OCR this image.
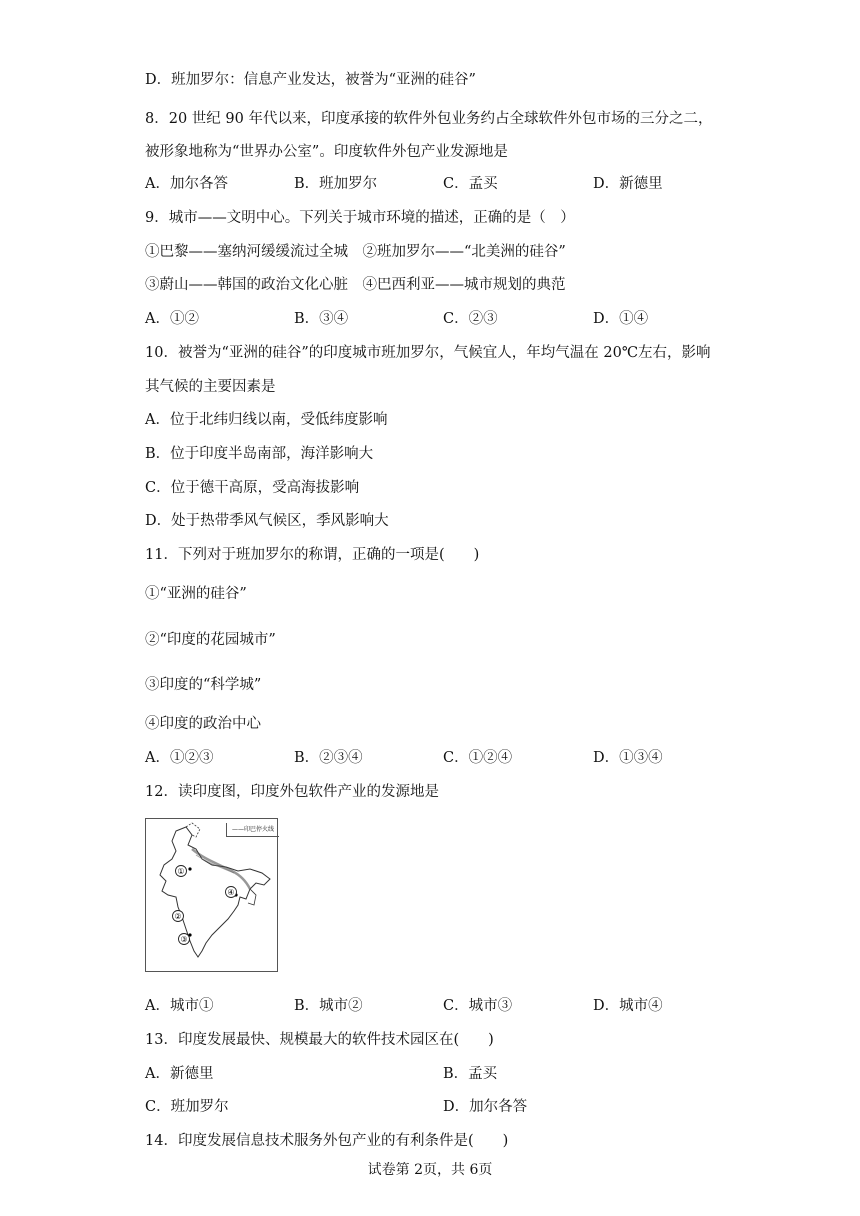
D．班加罗尔：信息产业发达，被誉为“亚洲的硅谷”
8．20 世纪 90 年代以来，印度承接的软件外包业务约占全球软件外包市场的三分之二，
被形象地称为“世界办公室”。印度软件外包产业发源地是
A．加尔各答	B．班加罗尔	C．孟买	D．新德里
9．城市——文明中心。下列关于城市环境的描述，正确的是（　）
①巴黎——塞纳河缓缓流过全城　②班加罗尔——“北美洲的硅谷”
③蔚山——韩国的政治文化心脏　④巴西利亚——城市规划的典范
A．①②	B．③④	C．②③	D．①④
10．被誉为“亚洲的硅谷”的印度城市班加罗尔，气候宜人，年均气温在 20℃左右，影响
其气候的主要因素是
A．位于北纬归线以南，受低纬度影响
B．位于印度半岛南部，海洋影响大
C．位于德干高原，受高海拔影响
D．处于热带季风气候区，季风影响大
11．下列对于班加罗尔的称谓，正确的一项是(　　)
①“亚洲的硅谷”
②“印度的花园城市”
③印度的“科学城”
④印度的政治中心
A．①②③	B．②③④	C．①②④	D．①③④
12．读印度图，印度外包软件产业的发源地是
①
②
③
④
——印巴停火线
A．城市①	B．城市②	C．城市③	D．城市④
13．印度发展最快、规模最大的软件技术园区在(　　)
A．新德里	B．孟买
C．班加罗尔	D．加尔各答
14．印度发展信息技术服务外包产业的有利条件是(　　)
试卷第 2页，共 6页
